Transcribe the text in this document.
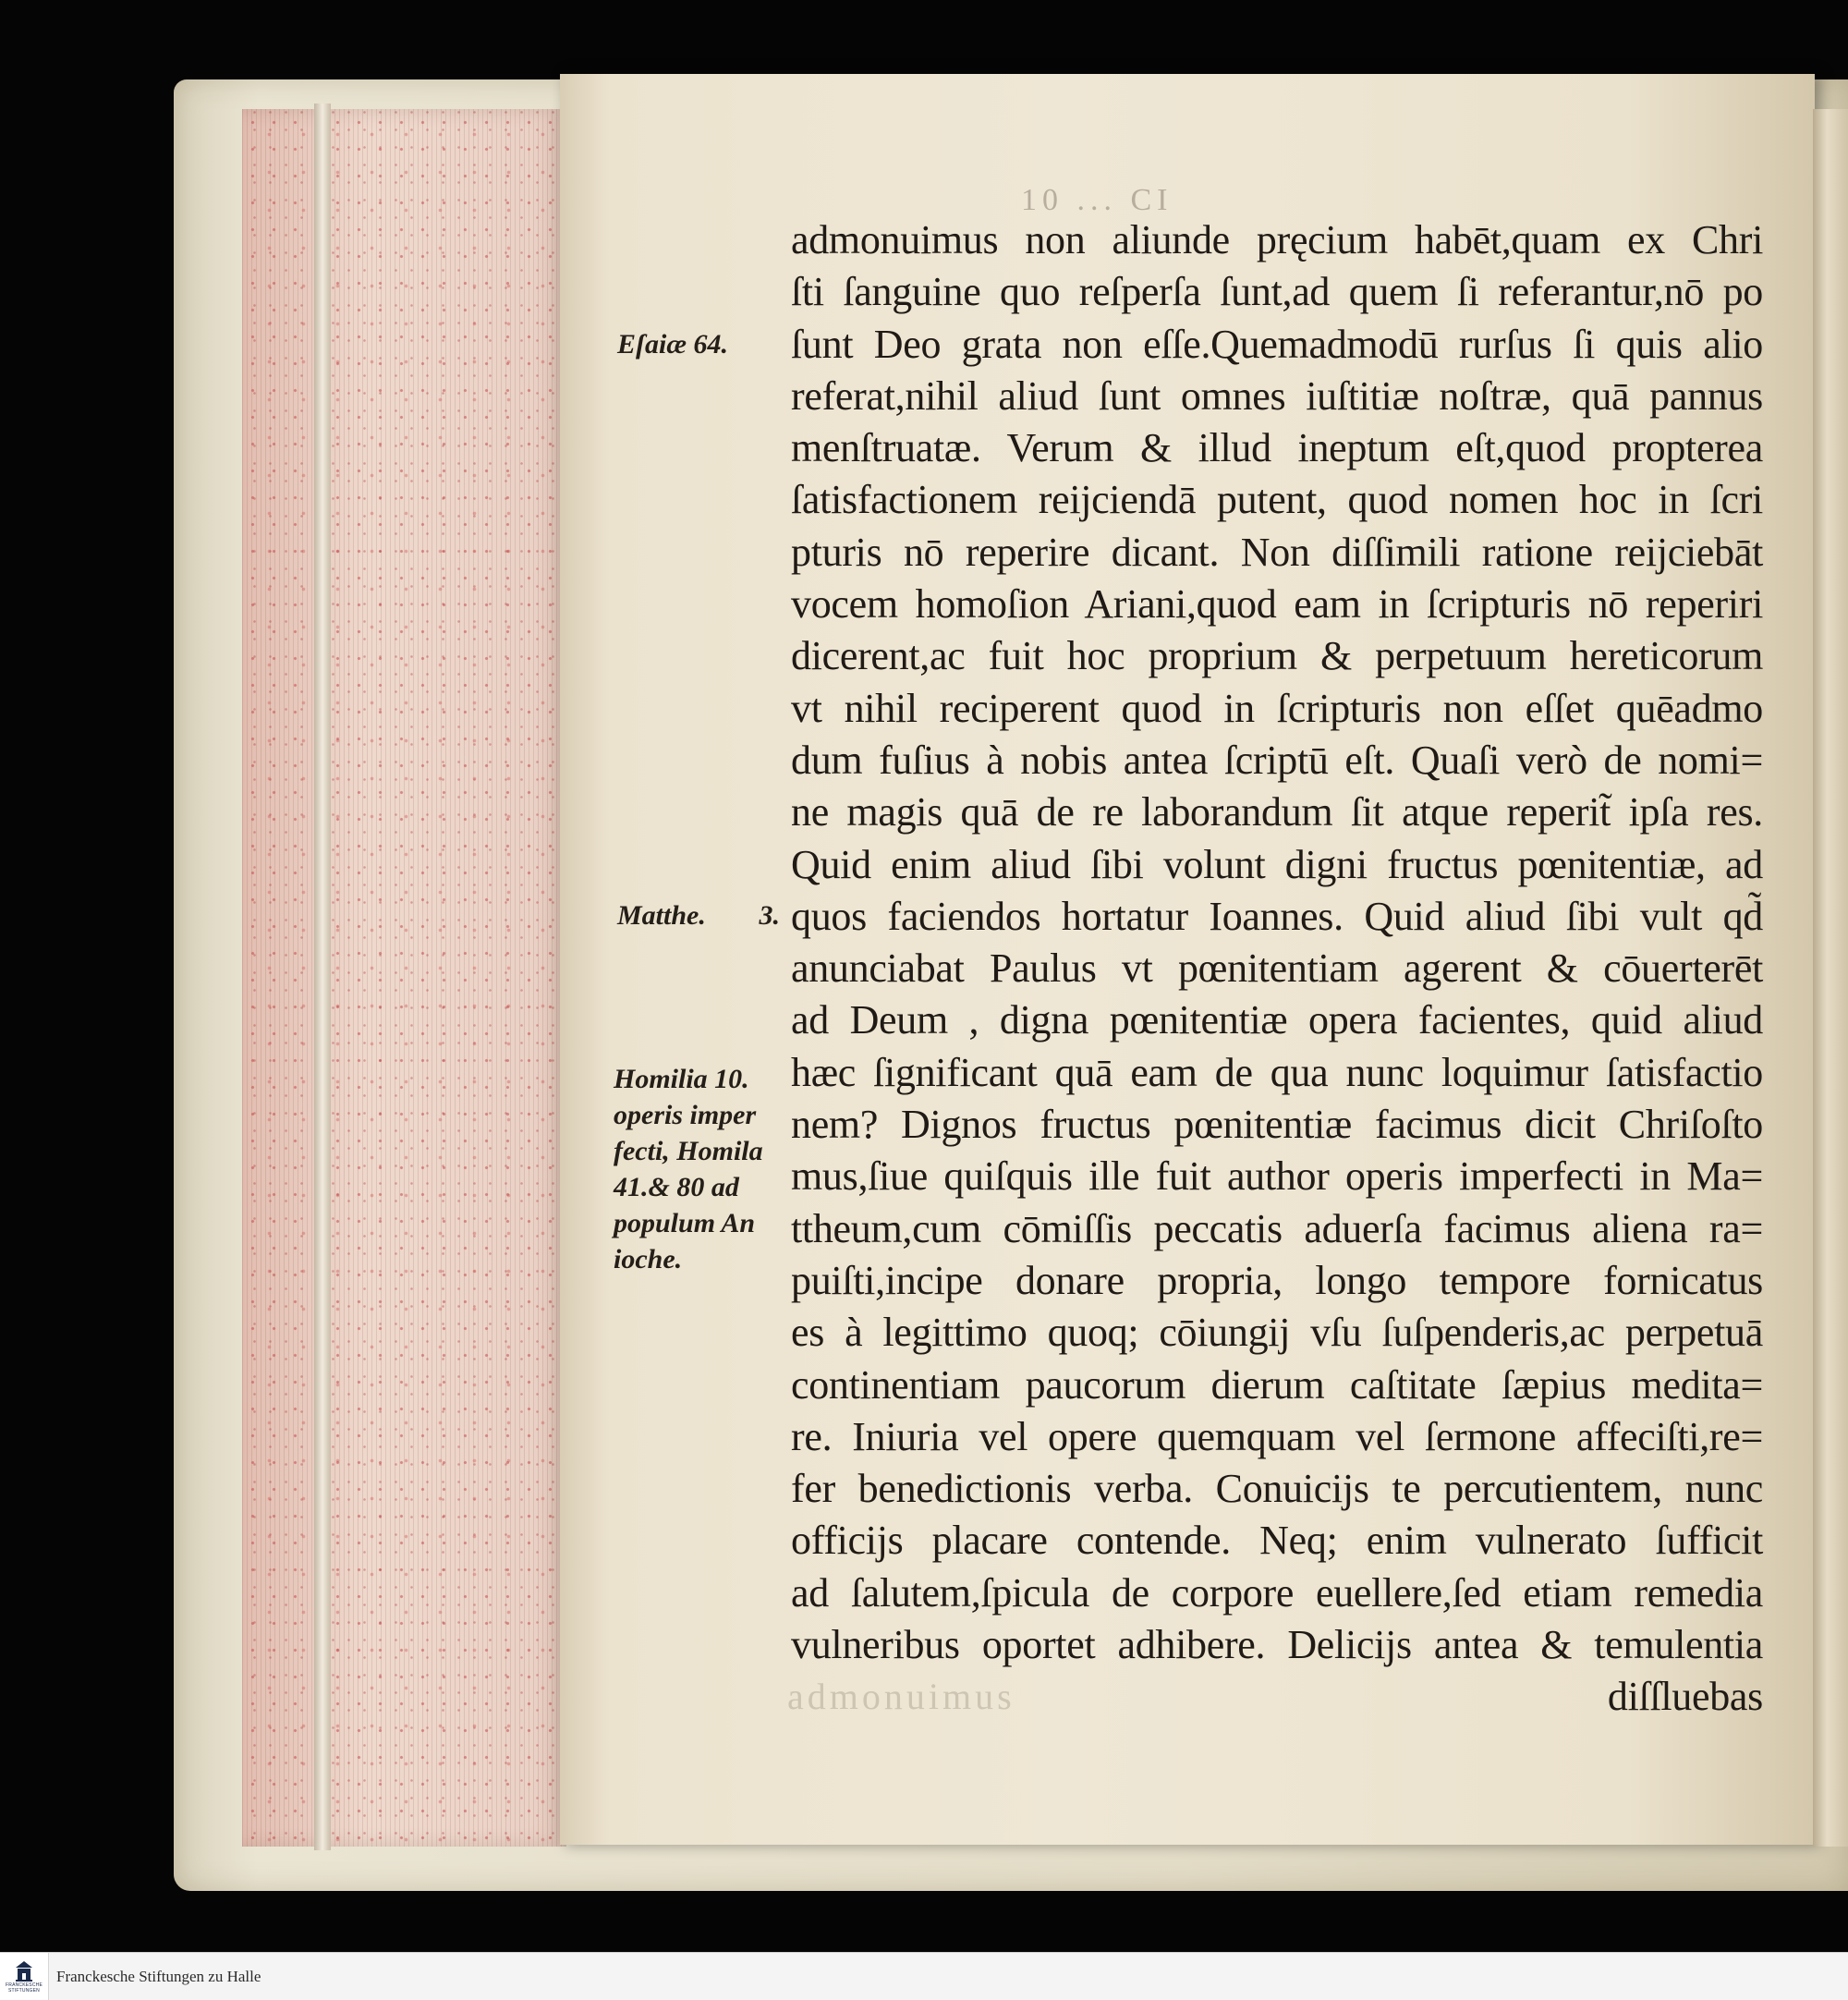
10 ... CI
Eſaiæ 64.
Matthe. 3.
Homilia 10.
operis imper
fecti, Homila
41.& 80 ad
populum An
ioche.
admonuimus non aliunde pręcium habēt,quam ex Chri
ſti ſanguine quo reſperſa ſunt,ad quem ſi referantur,nō po
ſunt Deo grata non eſſe.Quemadmodū rurſus ſi quis alio
referat,nihil aliud ſunt omnes iuſtitiæ noſtræ, quā pannus
menſtruatæ. Verum & illud ineptum eſt,quod propterea
ſatisfactionem reijciendā putent, quod nomen hoc in ſcri
pturis nō reperire dicant. Non diſſimili ratione reijciebāt
vocem homoſion Ariani,quod eam in ſcripturis nō reperiri
dicerent,ac fuit hoc proprium & perpetuum hereticorum
vt nihil reciperent quod in ſcripturis non eſſet quēadmo
dum fuſius à nobis antea ſcriptū eſt. Quaſi verò de nomi=
ne magis quā de re laborandum ſit atque reperit̃ ipſa res.
Quid enim aliud ſibi volunt digni fructus pœnitentiæ, ad
quos faciendos hortatur Ioannes. Quid aliud ſibi vult qd̃
anunciabat Paulus vt pœnitentiam agerent & cōuerterēt
ad Deum , digna pœnitentiæ opera facientes, quid aliud
hæc ſignificant quā eam de qua nunc loquimur ſatisfactio
nem? Dignos fructus pœnitentiæ facimus dicit Chriſoſto
mus,ſiue quiſquis ille fuit author operis imperfecti in Ma=
ttheum,cum cōmiſſis peccatis aduerſa facimus aliena ra=
puiſti,incipe donare propria, longo tempore fornicatus
es à legittimo quoq; cōiungij vſu ſuſpenderis,ac perpetuā
continentiam paucorum dierum caſtitate ſæpius medita=
re. Iniuria vel opere quemquam vel ſermone affeciſti,re=
fer benedictionis verba. Conuicijs te percutientem, nunc
officijs placare contende. Neq; enim vulnerato ſufficit
ad ſalutem,ſpicula de corpore euellere,ſed etiam remedia
vulneribus oportet adhibere. Delicijs antea & temulentia
diſſluebas
admonuimus
FRANCKESCHE
STIFTUNGEN
Franckesche Stiftungen zu Halle
